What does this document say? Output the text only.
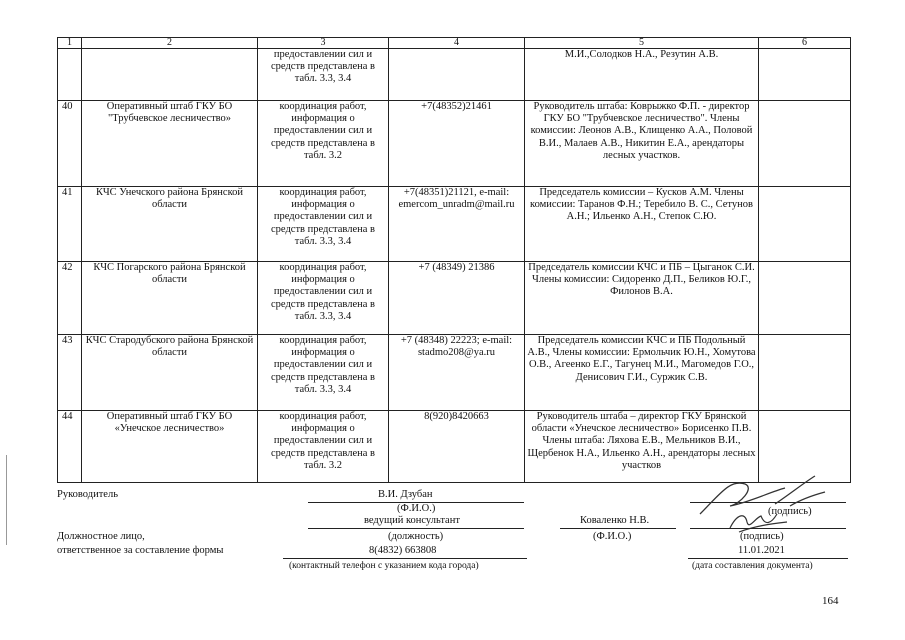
1	2	3	4	5	6
		предоставлении сил и средств представлена в табл. 3.3, 3.4		М.И.,Солодков Н.А., Резутин А.В.	
40	Оперативный штаб ГКУ БО "Трубчевское лесничество»	координация работ, информация о предоставлении сил и средств представлена в табл. 3.2	+7(48352)21461	Руководитель штаба: Коврыжко Ф.П. - директор ГКУ БО "Трубчевское лесничество". Члены комиссии: Леонов А.В., Клищенко А.А., Половой В.И., Малаев А.В., Никитин Е.А., арендаторы лесных участков.	
41	КЧС Унечского района Брянской области	координация работ, информация о предоставлении сил и средств представлена в табл. 3.3, 3.4	+7(48351)21121, e-mail: emercom_unradm@mail.ru	Председатель комиссии – Кусков А.М. Члены комиссии: Таранов Ф.Н.; Теребило В. С., Сетунов А.Н.; Ильенко А.Н., Степок С.Ю.	
42	КЧС Погарского района Брянской области	координация работ, информация о предоставлении сил и средств представлена в табл. 3.3, 3.4	+7 (48349) 21386	Председатель комиссии КЧС и ПБ – Цыганок С.И. Члены комиссии: Сидоренко Д.П., Беликов Ю.Г., Филонов В.А.	
43	КЧС Стародубского района Брянской области	координация работ, информация о предоставлении сил и средств представлена в табл. 3.3, 3.4	+7 (48348) 22223; e-mail: stadmo208@ya.ru	Председатель комиссии КЧС и ПБ Подольный А.В., Члены комиссии: Ермольчик Ю.Н., Хомутова О.В., Агеенко Е.Г., Тагунец М.И., Магомедов Г.О., Денисович Г.И., Суржик С.В.	
44	Оперативный штаб ГКУ БО «Унечское лесничество»	координация работ, информация о предоставлении сил и средств представлена в табл. 3.2	8(920)8420663	Руководитель штаба – директор ГКУ Брянской области «Унечское лесничество» Борисенко П.В. Члены штаба: Ляхова Е.В., Мельников В.И., Щербенок Н.А., Ильенко А.Н., арендаторы лесных участков	
Руководитель	В.И. Дзубан
(Ф.И.О.)	(подпись)
ведущий консультант	Коваленко Н.В.
Должностное лицо,	(должность)	(Ф.И.О.)	(подпись)
ответственное за составление формы	8(4832) 663808	11.01.2021
(контактный телефон с указанием кода города)	(дата составления документа)
164
